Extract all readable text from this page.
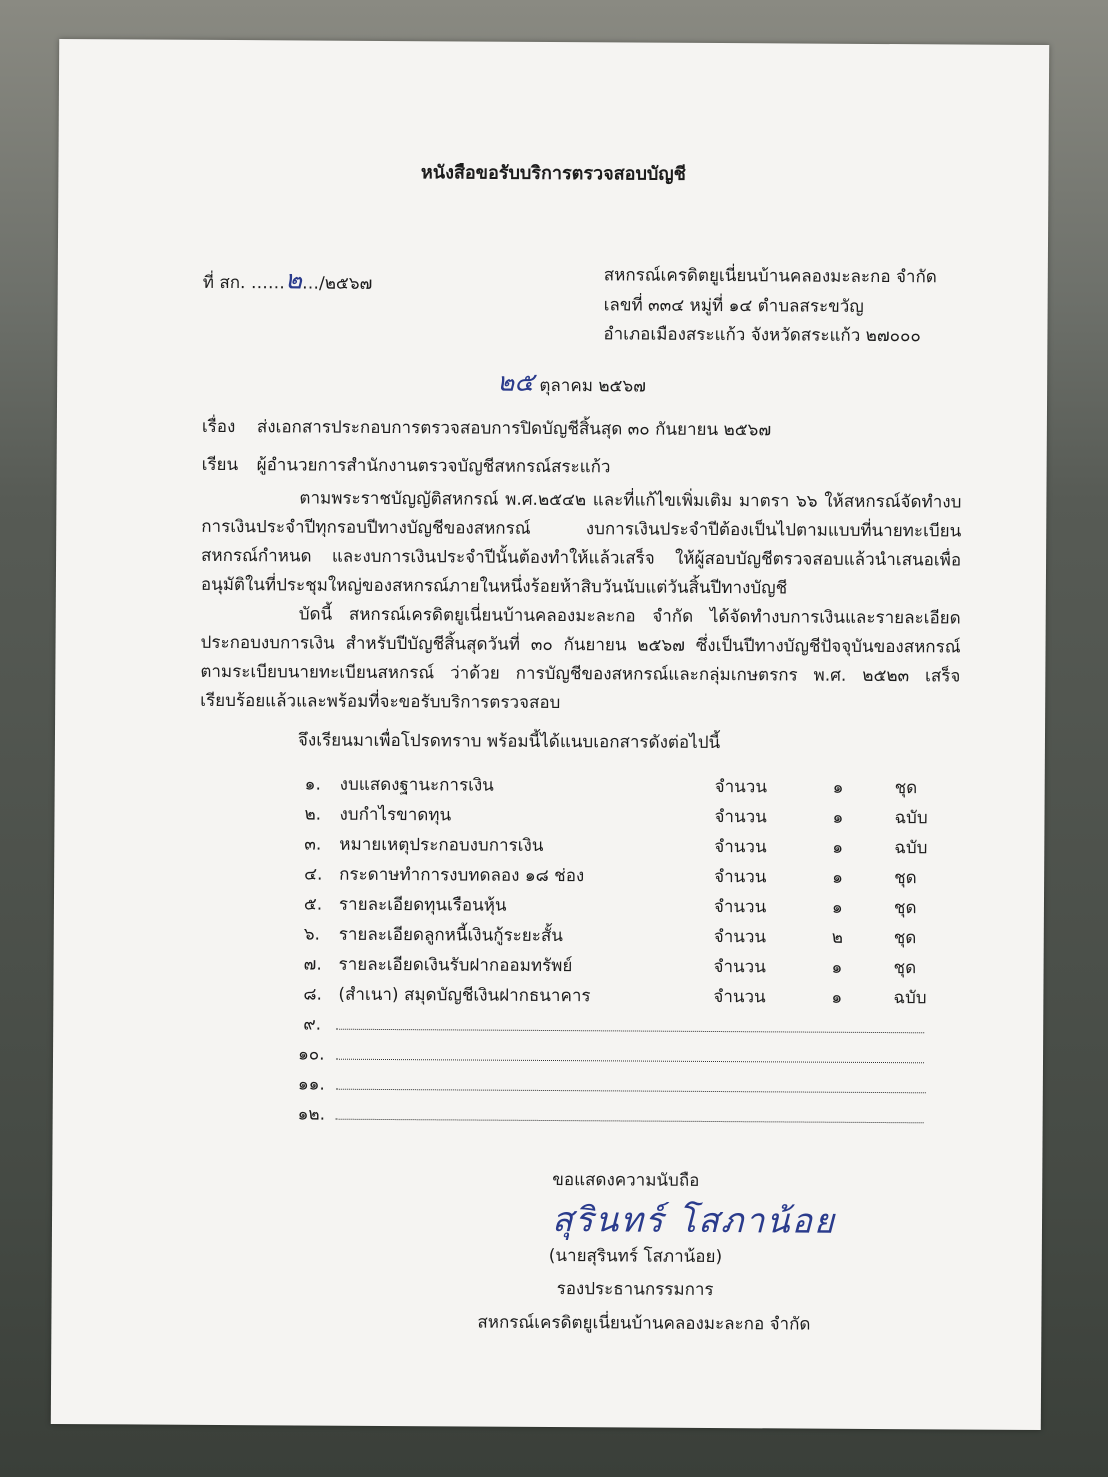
หนังสือขอรับบริการตรวจสอบบัญชี
ที่ สก. ……๒…/๒๕๖๗	สหกรณ์เครดิตยูเนี่ยนบ้านคลองมะละกอ จำกัด
เลขที่ ๓๓๔ หมู่ที่ ๑๔ ตำบลสระขวัญ
อำเภอเมืองสระแก้ว จังหวัดสระแก้ว ๒๗๐๐๐
๒๕ ตุลาคม ๒๕๖๗
เรื่อง ส่งเอกสารประกอบการตรวจสอบการปิดบัญชีสิ้นสุด ๓๐ กันยายน ๒๕๖๗
เรียน ผู้อำนวยการสำนักงานตรวจบัญชีสหกรณ์สระแก้ว
ตามพระราชบัญญัติสหกรณ์ พ.ศ.๒๕๔๒ และที่แก้ไขเพิ่มเติม มาตรา ๖๖ ให้สหกรณ์จัดทำงบการเงินประจำปีทุกรอบปีทางบัญชีของสหกรณ์ งบการเงินประจำปีต้องเป็นไปตามแบบที่นายทะเบียนสหกรณ์กำหนด และงบการเงินประจำปีนั้นต้องทำให้แล้วเสร็จ ให้ผู้สอบบัญชีตรวจสอบแล้วนำเสนอเพื่ออนุมัติในที่ประชุมใหญ่ของสหกรณ์ภายในหนึ่งร้อยห้าสิบวันนับแต่วันสิ้นปีทางบัญชี
บัดนี้ สหกรณ์เครดิตยูเนี่ยนบ้านคลองมะละกอ จำกัด ได้จัดทำงบการเงินและรายละเอียดประกอบงบการเงิน สำหรับปีบัญชีสิ้นสุดวันที่ ๓๐ กันยายน ๒๕๖๗ ซึ่งเป็นปีทางบัญชีปัจจุบันของสหกรณ์ ตามระเบียบนายทะเบียนสหกรณ์ ว่าด้วย การบัญชีของสหกรณ์และกลุ่มเกษตรกร พ.ศ. ๒๕๒๓ เสร็จเรียบร้อยแล้วและพร้อมที่จะขอรับบริการตรวจสอบ
จึงเรียนมาเพื่อโปรดทราบ พร้อมนี้ได้แนบเอกสารดังต่อไปนี้
๑. งบแสดงฐานะการเงิน	จำนวน	๑	ชุด
๒. งบกำไรขาดทุน	จำนวน	๑	ฉบับ
๓. หมายเหตุประกอบงบการเงิน	จำนวน	๑	ฉบับ
๔. กระดาษทำการงบทดลอง ๑๘ ช่อง	จำนวน	๑	ชุด
๕. รายละเอียดทุนเรือนหุ้น	จำนวน	๑	ชุด
๖. รายละเอียดลูกหนี้เงินกู้ระยะสั้น	จำนวน	๒	ชุด
๗. รายละเอียดเงินรับฝากออมทรัพย์	จำนวน	๑	ชุด
๘. (สำเนา) สมุดบัญชีเงินฝากธนาคาร	จำนวน	๑	ฉบับ
๙.
๑๐.
๑๑.
๑๒.
ขอแสดงความนับถือ
สุรินทร์ โสภาน้อย
(นายสุรินทร์ โสภาน้อย)
รองประธานกรรมการ
สหกรณ์เครดิตยูเนี่ยนบ้านคลองมะละกอ จำกัด
